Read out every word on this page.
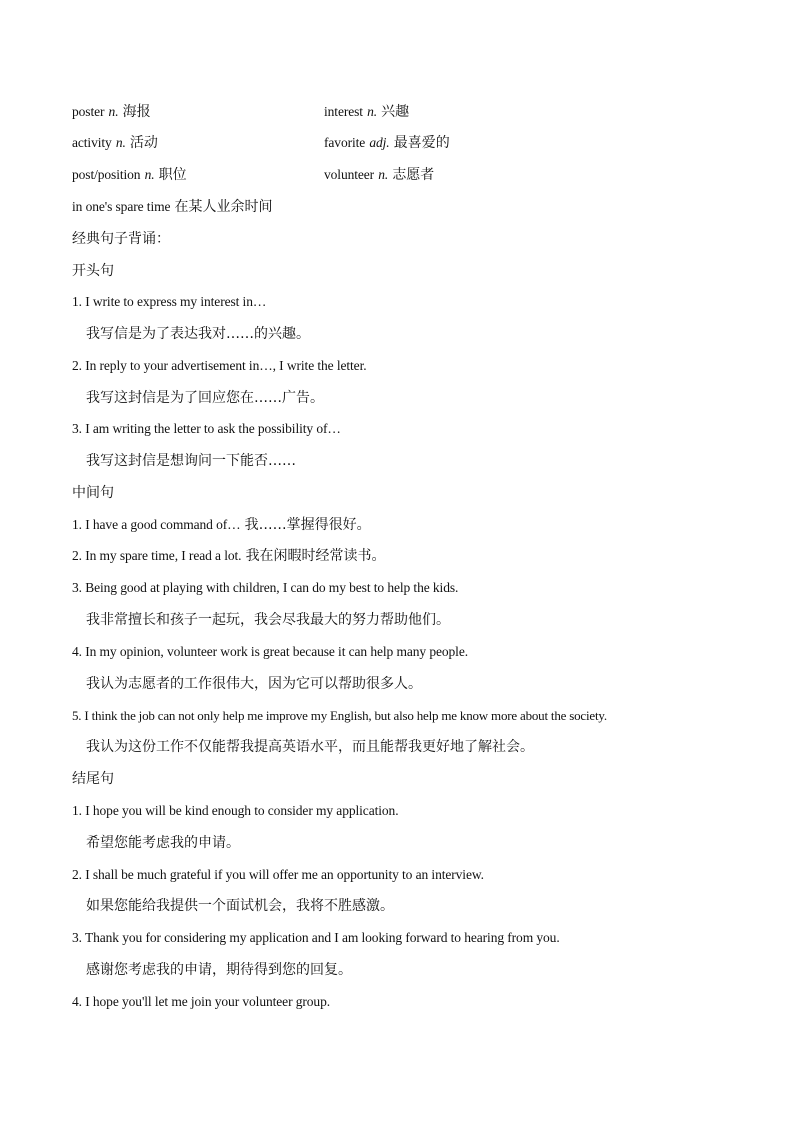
poster n. 海报	interest n. 兴趣
activity n. 活动	favorite adj. 最喜爱的
post/position n. 职位	volunteer n. 志愿者
in one's spare time 在某人业余时间
经典句子背诵：
开头句
1. I write to express my interest in…
我写信是为了表达我对……的兴趣。
2. In reply to your advertisement in…, I write the letter.
我写这封信是为了回应您在……广告。
3. I am writing the letter to ask the possibility of…
我写这封信是想询问一下能否……
中间句
1. I have a good command of… 我……掌握得很好。
2. In my spare time, I read a lot. 我在闲暇时经常读书。
3. Being good at playing with children, I can do my best to help the kids.
我非常擅长和孩子一起玩，我会尽我最大的努力帮助他们。
4. In my opinion, volunteer work is great because it can help many people.
我认为志愿者的工作很伟大，因为它可以帮助很多人。
5. I think the job can not only help me improve my English, but also help me know more about the society.
我认为这份工作不仅能帮我提高英语水平，而且能帮我更好地了解社会。
结尾句
1. I hope you will be kind enough to consider my application.
希望您能考虑我的申请。
2. I shall be much grateful if you will offer me an opportunity to an interview.
如果您能给我提供一个面试机会，我将不胜感激。
3. Thank you for considering my application and I am looking forward to hearing from you.
感谢您考虑我的申请，期待得到您的回复。
4. I hope you'll let me join your volunteer group.
